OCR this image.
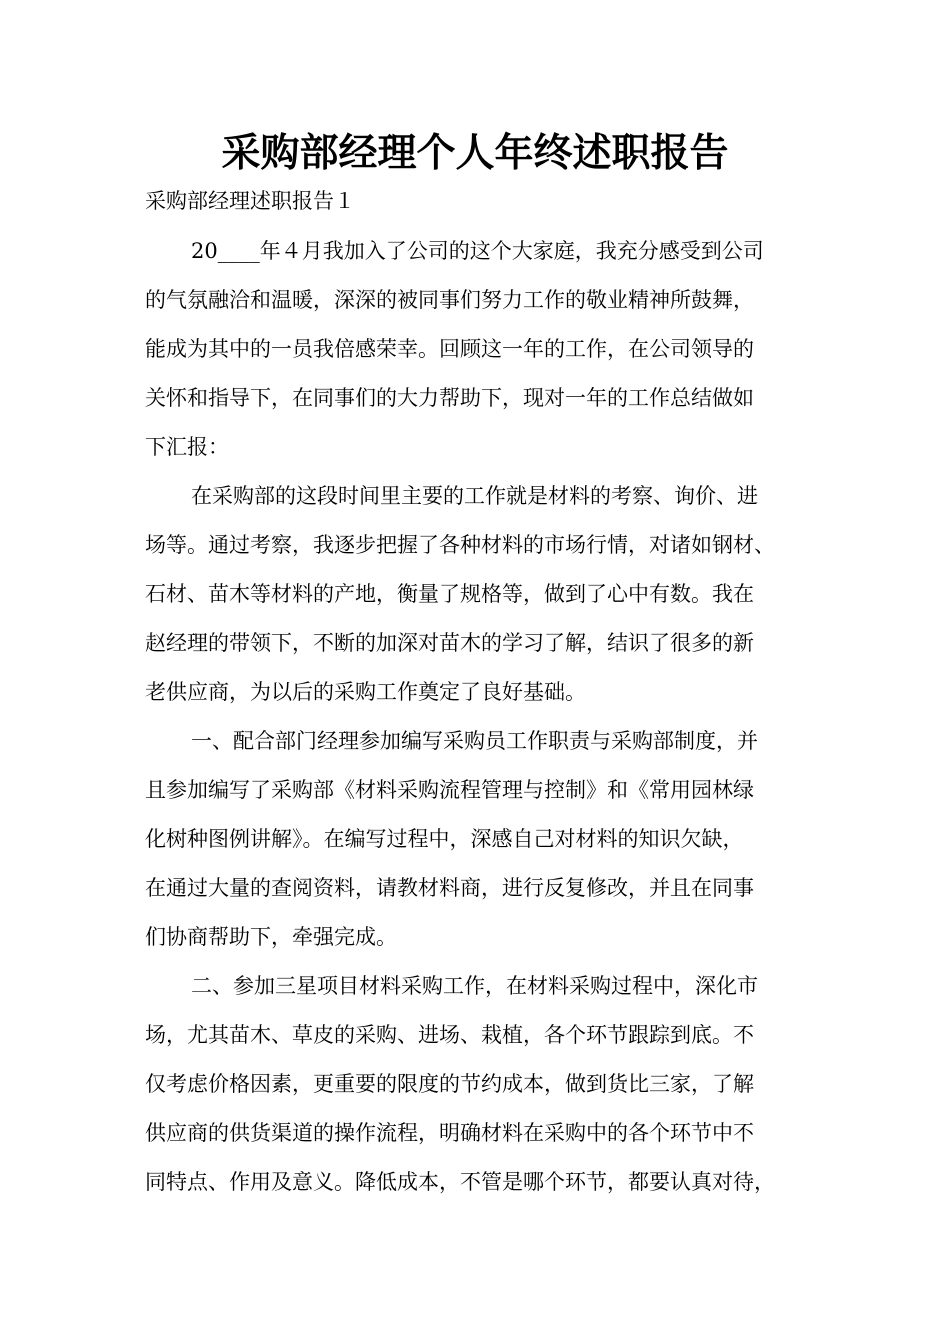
采购部经理个人年终述职报告
采购部经理述职报告１
20____年４月我加入了公司的这个大家庭，我充分感受到公司
的气氛融洽和温暖，深深的被同事们努力工作的敬业精神所鼓舞，
能成为其中的一员我倍感荣幸。回顾这一年的工作，在公司领导的
关怀和指导下，在同事们的大力帮助下，现对一年的工作总结做如
下汇报：
在采购部的这段时间里主要的工作就是材料的考察、询价、进
场等。通过考察，我逐步把握了各种材料的市场行情，对诸如钢材、
石材、苗木等材料的产地，衡量了规格等，做到了心中有数。我在
赵经理的带领下，不断的加深对苗木的学习了解，结识了很多的新
老供应商，为以后的采购工作奠定了良好基础。
一、配合部门经理参加编写采购员工作职责与采购部制度，并
且参加编写了采购部《材料采购流程管理与控制》和《常用园林绿
化树种图例讲解》。在编写过程中，深感自己对材料的知识欠缺，
在通过大量的查阅资料，请教材料商，进行反复修改，并且在同事
们协商帮助下，牵强完成。
二、参加三星项目材料采购工作，在材料采购过程中，深化市
场，尤其苗木、草皮的采购、进场、栽植，各个环节跟踪到底。不
仅考虑价格因素，更重要的限度的节约成本，做到货比三家，了解
供应商的供货渠道的操作流程，明确材料在采购中的各个环节中不
同特点、作用及意义。降低成本，不管是哪个环节，都要认真对待，
